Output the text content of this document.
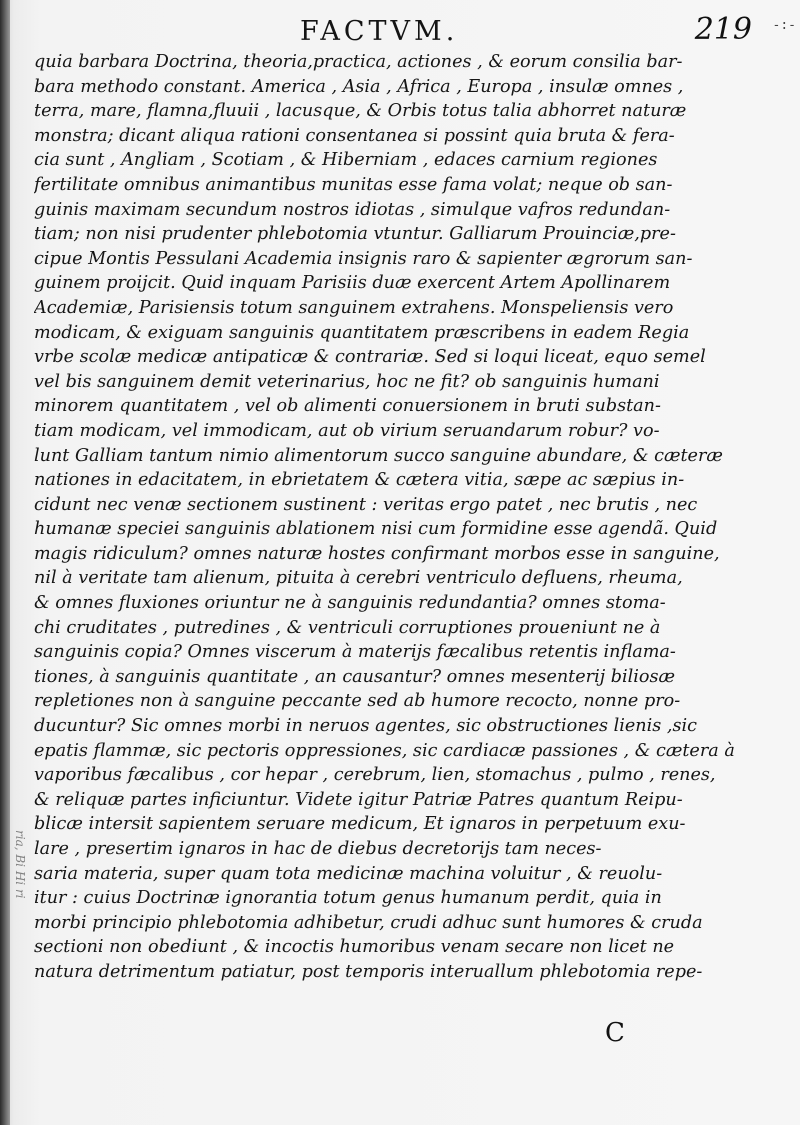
ria, Bi Hi ri
FACTVM.	219 -:-
quia barbara Doctrina, theoria,practica, actiones , & eorum consilia bar-
bara methodo constant. America , Asia , Africa , Europa , insulæ omnes ,
terra, mare, flamna,fluuii , lacusque, & Orbis totus talia abhorret naturæ
monstra; dicant aliqua rationi consentanea si possint quia bruta & fera-
cia sunt , Angliam , Scotiam , & Hiberniam , edaces carnium regiones
fertilitate omnibus animantibus munitas esse fama volat; neque ob san-
guinis maximam secundum nostros idiotas , simulque vafros redundan-
tiam; non nisi prudenter phlebotomia vtuntur. Galliarum Prouinciæ,pre-
cipue Montis Pessulani Academia insignis raro & sapienter ægrorum san-
guinem proijcit. Quid inquam Parisiis duæ exercent Artem Apollinarem
Academiæ, Parisiensis totum sanguinem extrahens. Monspeliensis vero
modicam, & exiguam sanguinis quantitatem præscribens in eadem Regia
vrbe scolæ medicæ antipaticæ & contrariæ. Sed si loqui liceat, equo semel
vel bis sanguinem demit veterinarius, hoc ne fit? ob sanguinis humani
minorem quantitatem , vel ob alimenti conuersionem in bruti substan-
tiam modicam, vel immodicam, aut ob virium seruandarum robur? vo-
lunt Galliam tantum nimio alimentorum succo sanguine abundare, & cæteræ
nationes in edacitatem, in ebrietatem & cætera vitia, sæpe ac sæpius in-
cidunt nec venæ sectionem sustinent : veritas ergo patet , nec brutis , nec
humanæ speciei sanguinis ablationem nisi cum formidine esse agendã. Quid
magis ridiculum? omnes naturæ hostes confirmant morbos esse in sanguine,
nil à veritate tam alienum, pituita à cerebri ventriculo defluens, rheuma,
& omnes fluxiones oriuntur ne à sanguinis redundantia? omnes stoma-
chi cruditates , putredines , & ventriculi corruptiones proueniunt ne à
sanguinis copia? Omnes viscerum à materijs fæcalibus retentis inflama-
tiones, à sanguinis quantitate , an causantur? omnes mesenterij biliosæ
repletiones non à sanguine peccante sed ab humore recocto, nonne pro-
ducuntur? Sic omnes morbi in neruos agentes, sic obstructiones lienis ,sic
epatis flammæ, sic pectoris oppressiones, sic cardiacæ passiones , & cætera à
vaporibus fæcalibus , cor hepar , cerebrum, lien, stomachus , pulmo , renes,
& reliquæ partes inficiuntur. Videte igitur Patriæ Patres quantum Reipu-
blicæ intersit sapientem seruare medicum, Et ignaros in perpetuum exu-
lare , presertim ignaros in hac de diebus decretorijs tam neces-
saria materia, super quam tota medicinæ machina voluitur , & reuolu-
itur : cuius Doctrinæ ignorantia totum genus humanum perdit, quia in
morbi principio phlebotomia adhibetur, crudi adhuc sunt humores & cruda
sectioni non obediunt , & incoctis humoribus venam secare non licet ne
natura detrimentum patiatur, post temporis interuallum phlebotomia repe-
C
